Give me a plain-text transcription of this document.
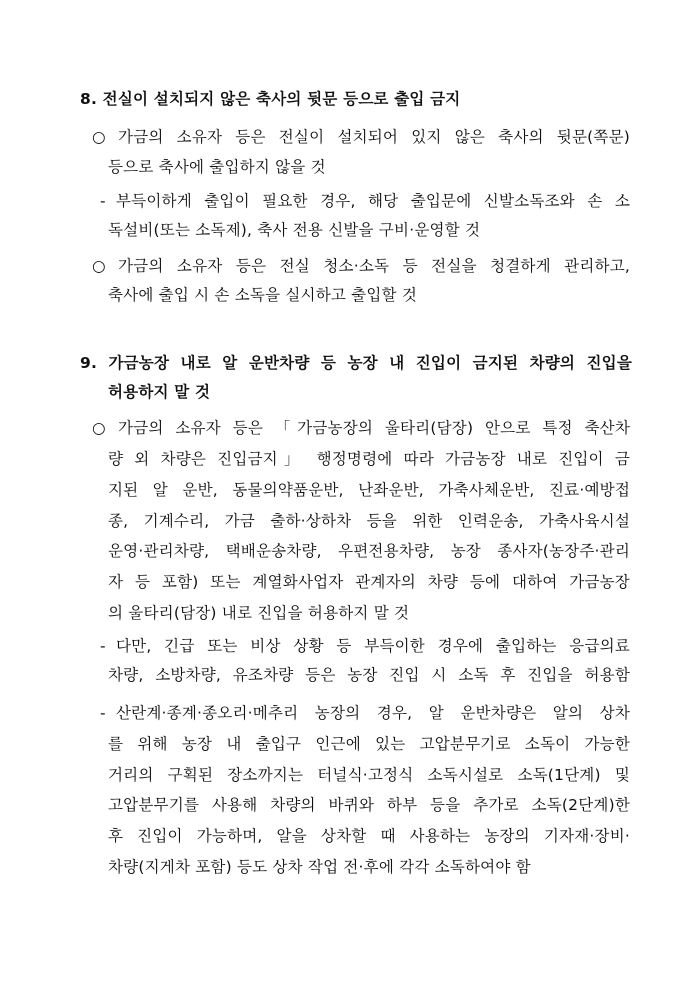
8. 전실이 설치되지 않은 축사의 뒷문 등으로 출입 금지
○ 가금의 소유자 등은 전실이 설치되어 있지 않은 축사의 뒷문(쪽문)
등으로 축사에 출입하지 않을 것
- 부득이하게 출입이 필요한 경우, 해당 출입문에 신발소독조와 손 소
독설비(또는 소독제), 축사 전용 신발을 구비·운영할 것
○ 가금의 소유자 등은 전실 청소·소독 등 전실을 청결하게 관리하고,
축사에 출입 시 손 소독을 실시하고 출입할 것
9. 가금농장 내로 알 운반차량 등 농장 내 진입이 금지된 차량의 진입을
허용하지 말 것
○ 가금의 소유자 등은 「가금농장의 울타리(담장) 안으로 특정 축산차
량 외 차량은 진입금지」 행정명령에 따라 가금농장 내로 진입이 금
지된 알 운반, 동물의약품운반, 난좌운반, 가축사체운반, 진료·예방접
종, 기계수리, 가금 출하·상하차 등을 위한 인력운송, 가축사육시설
운영·관리차량, 택배운송차량, 우편전용차량, 농장 종사자(농장주·관리
자 등 포함) 또는 계열화사업자 관계자의 차량 등에 대하여 가금농장
의 울타리(담장) 내로 진입을 허용하지 말 것
- 다만, 긴급 또는 비상 상황 등 부득이한 경우에 출입하는 응급의료
차량, 소방차량, 유조차량 등은 농장 진입 시 소독 후 진입을 허용함
- 산란계·종계·종오리·메추리 농장의 경우, 알 운반차량은 알의 상차
를 위해 농장 내 출입구 인근에 있는 고압분무기로 소독이 가능한
거리의 구획된 장소까지는 터널식·고정식 소독시설로 소독(1단계) 및
고압분무기를 사용해 차량의 바퀴와 하부 등을 추가로 소독(2단계)한
후 진입이 가능하며, 알을 상차할 때 사용하는 농장의 기자재·장비·
차량(지게차 포함) 등도 상차 작업 전·후에 각각 소독하여야 함
